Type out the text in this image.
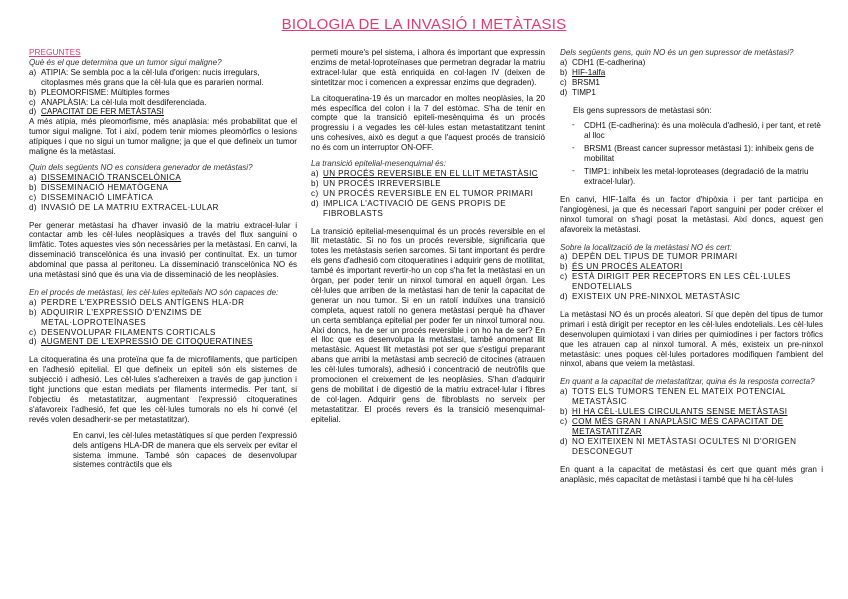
BIOLOGIA DE LA INVASIÓ I METÀTASIS
PREGUNTES
Què és el que determina que un tumor sigui maligne?
a) ATIPIA: Se sembla poc a la cèl·lula d'origen: nucis irregulars, citoplasmes més grans que la cèl·lula que es pararien normal.
b) PLEOMORFISME: Múltiples formes
c) ANAPLÀSIA: La cèl·lula molt desdiferenciada.
d) CAPACITAT DE FER METÀSTASI

A més atípia, més pleomorfisme, més anaplàsia: més probabilitat que el tumor sigui maligne. Tot i així, podem tenir miomes pleomòrfics o lesions atípiques i que no sigui un tumor maligne; ja que el que defineix un tumor maligne és la metàstasi.

Quin dels següents NO es considera generador de metàstasi?
a) DISSEMINACIÓ TRANSCELÒNICA
b) DISSEMINACIÓ HEMATÒGENA
c) DISSEMINACIÓ LIMFÀTICA
d) INVASIÓ DE LA MATRIU EXTRACEL·LULAR

Per generar metàstasi ha d'haver invasió de la matriu extracel·lular i contactar amb les cèl·lules neoplàsiques a través del flux sanguini o limfàtic. Totes aquestes vies són necessàries per la metàstasi. En canvi, la disseminació transcelònica és una invasió per continuïtat. Ex. un tumor abdominal que passa al peritoneu. La disseminació transcelònica NO és una metàstasi sinó que és una via de disseminació de les neoplàsies.

En el procés de metàstasi, les cèl·lules epitelials NO són capaces de:
a) PERDRE L'EXPRESSIÓ DELS ANTÍGENS HLA-DR
b) ADQUIRIR L'EXPRESSIÓ D'ENZIMS DE METAL·LOPROTEÏNASES
c) DESENVOLUPAR FILAMENTS CORTICALS
d) AUGMENT DE L'EXPRESSIÓ DE CITOQUERATINES

La citoqueratina és una proteïna que fa de microfilaments, que participen en l'adhesió epitelial. El que defineix un epiteli són els sistemes de subjecció i adhesió. Les cèl·lules s'adhereixen a través de gap junction i tight junctions que estan mediats per filaments intermedis. Per tant, si l'objectiu és metastatitzar, augmentant l'expressió citoqueratines s'afavoreix l'adhesió, fet que les cèl·lules tumorals no els hi convé (el revés volen desadherir-se per metastatitzar).

En canvi, les cèl·lules metastàtiques sí que perden l'expressió dels antígens HLA-DR de manera que els serveix per evitar el sistema immune. També són capaces de desenvolupar sistemes contràctils que els

permeti moure's pel sistema, i alhora és important que expressin enzims de metal·loproteïnases que permetran degradar la matriu extracel·lular que està enriquida en col·lagen IV (deixen de sintetitzar moc i comencen a expressar enzims que degraden).

La citoqueratina-19 és un marcador en moltes neoplàsies, la 20 més específica del colon i la 7 del estòmac. S'ha de tenir en compte que la transició epiteli-mesènquima és un procés progressiu i a vegades les cèl·lules estan metastatitzant tenint uns cohesives, això es degut a que l'aquest procés de transició no és com un interruptor ON-OFF.

La transició epitelial-mesenquimal és:
a) UN PROCÉS REVERSIBLE EN EL LLIT METASTÀSIC
b) UN PROCÉS IRREVERSIBLE
c) UN PROCÉS REVERSIBLE EN EL TUMOR PRIMARI
d) IMPLICA L'ACTIVACIÓ DE GENS PROPIS DE FIBROBLASTS

La transició epitelial-mesenquimal és un procés reversible en el llit metastàtic. Si no fos un procés reversible, significaria que totes les metàstasis serien sarcomes. Si tant important és perdre els gens d'adhesió com citoqueratines i adquirir gens de motilitat, també és important revertir-ho un cop s'ha fet la metàstasi en un òrgan, per poder tenir un ninxol tumoral en aquell òrgan. Les cèl·lules que arriben de la metàstasi han de tenir la capacitat de generar un nou tumor. Si en un ratolí induïxes una transició completa, aquest ratolí no genera metàstasi perquè ha d'haver un certa semblança epitelial per poder fer un ninxol tumoral nou. Així doncs, ha de ser un procés reversible i on ho ha de ser? En el lloc que es desenvolupa la metàstasi, també anomenat llit metastàsic. Aquest llit metastàsi pot ser que s'estigui preparant abans que arribi la metàstasi amb secreció de citocines (atrauen les cèl·lules tumorals), adhesió i concentració de neutròfils que promocionen el creixement de les neoplàsies. S'han d'adquirir gens de mobilitat i de digestió de la matriu extracel·lular i fibres de col·lagen. Adquirir gens de fibroblasts no serveix per metastatitzar. El procés revers és la transició mesenquimal-epitelial.

Dels següents gens, quin NO és un gen supressor de metàstasi?
a) CDH1 (E-cadherina)
b) HIF-1alfa
c) BRSM1
d) TIMP1

Els gens supressors de metàstasi són:

- CDH1 (E-cadherina): és una molècula d'adhesió, i per tant, et retè al lloc
- BRSM1 (Breast cancer supressor metàstasi 1): inhibeix gens de mobilitat
- TIMP1: inhibeix les metal·loproteases (degradació de la matriu extracel·lular).

En canvi, HIF-1alfa és un factor d'hipòxia i per tant participa en l'angiogènesi, ja que és necessari l'aport sanguini per poder créixer el ninxol tumoral on s'hagi posat la metàstasi. Així doncs, aquest gen afavoreix la metàstasi.

Sobre la localització de la metàstasi NO és cert:
a) DEPÈN DEL TIPUS DE TUMOR PRIMARI
b) ÉS UN PROCÉS ALEATORI
c) ESTÀ DIRIGIT PER RECEPTORS EN LES CÈL·LULES ENDOTELIALS
d) EXISTEIX UN PRE-NINXOL METASTÀSIC

La metàstasi NO és un procés aleatori. Sí que depèn del tipus de tumor primari i està dirigit per receptor en les cèl·lules endotelials. Les cèl·lules desenvolupen quimiotaxi i van diries per quimiodines i per factors tròfics que les atrauen cap al ninxol tumoral. A més, existeix un pre-ninxol metastàsic: unes poques cèl·lules portadores modifiquen l'ambient del ninxol, abans que veiem la metàstasi.

En quant a la capacitat de metastatitzar, quina és la resposta correcta?
a) TOTS ELS TUMORS TENEN EL MATEIX POTENCIAL METASTÀSIC
b) HI HA CÈL·LULES CIRCULANTS SENSE METÀSTASI
c) COM MÉS GRAN I ANAPLÀSIC MÉS CAPACITAT DE METASTATITZAR
d) NO EXITEIXEN NI METÀSTASI OCULTES NI D'ORIGEN DESCONEGUT

En quant a la capacitat de metàstasi és cert que quant més gran i anaplàsic, més capacitat de metàstasi i també que hi ha cèl·lules
